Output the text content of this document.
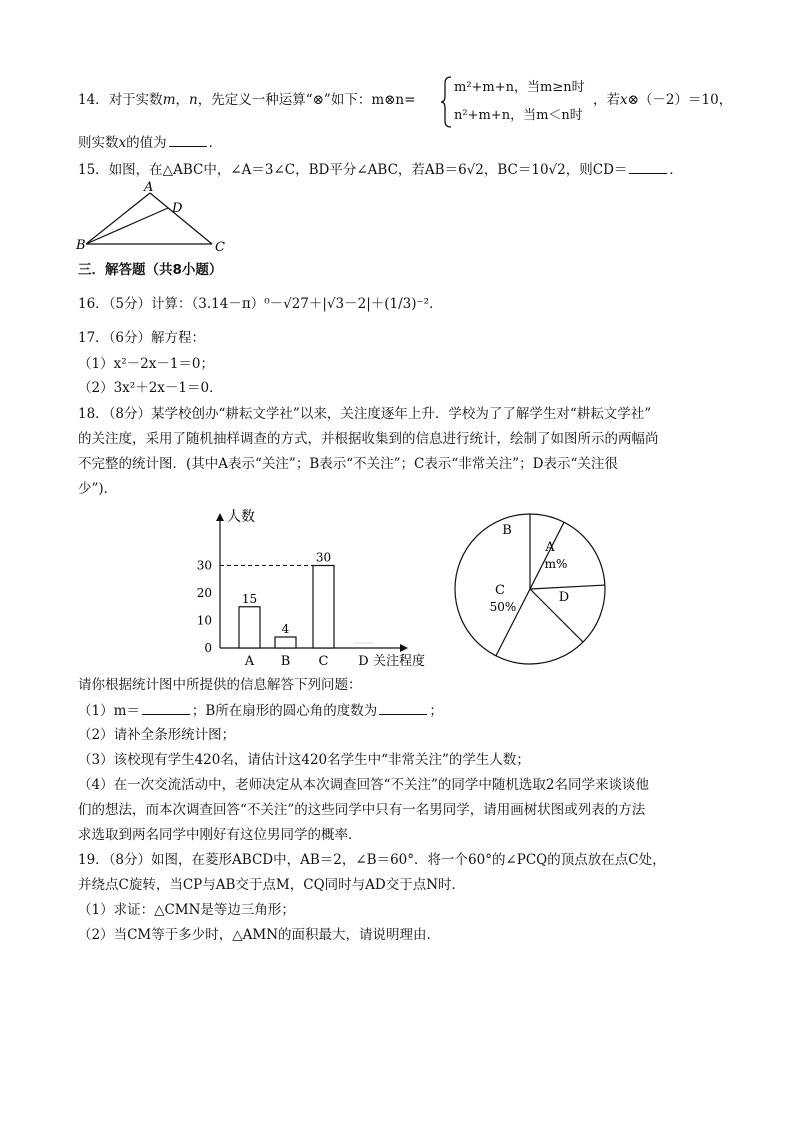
14．对于实数m，n，先定义一种运算“⊗”如下：m⊗n=
m²+m+n，当m≥n时
n²+m+n，当m＜n时
，若x⊗（－2）＝10，
则实数x的值为	．
15．如图，在△ABC中，∠A＝3∠C，BD平分∠ABC，若AB＝6√2，BC＝10√2，则CD＝	．
A
D
B	C
三．解答题（共8小题）
16．（5分）计算：（3.14－π）⁰－√27＋|√3－2|＋(1/3)⁻²．
17．（6分）解方程：
（1）x²－2x－1＝0；
（2）3x²＋2x－1＝0．
18．（8分）某学校创办“耕耘文学社”以来，关注度逐年上升．学校为了了解学生对“耕耘文学社”
的关注度，采用了随机抽样调查的方式，并根据收集到的信息进行统计，绘制了如图所示的两幅尚
不完整的统计图．(其中A表示“关注”；B表示“不关注”；C表示“非常关注”；D表示“关注很
少”)．
人数
0
10
20
30
15
A
4
B
30
C D 关注程度
A
m%
B
C
50%
D
请你根据统计图中所提供的信息解答下列问题：
（1）m＝	；B所在扇形的圆心角的度数为	；
（2）请补全条形统计图；
（3）该校现有学生420名，请估计这420名学生中“非常关注”的学生人数；
（4）在一次交流活动中，老师决定从本次调查回答“不关注”的同学中随机选取2名同学来谈谈他
们的想法，而本次调查回答“不关注”的这些同学中只有一名男同学，请用画树状图或列表的方法
求选取到两名同学中刚好有这位男同学的概率．
19．（8分）如图，在菱形ABCD中，AB＝2，∠B＝60°．将一个60°的∠PCQ的顶点放在点C处，
并绕点C旋转，当CP与AB交于点M，CQ同时与AD交于点N时．
（1）求证：△CMN是等边三角形；
（2）当CM等于多少时，△AMN的面积最大，请说明理由．
